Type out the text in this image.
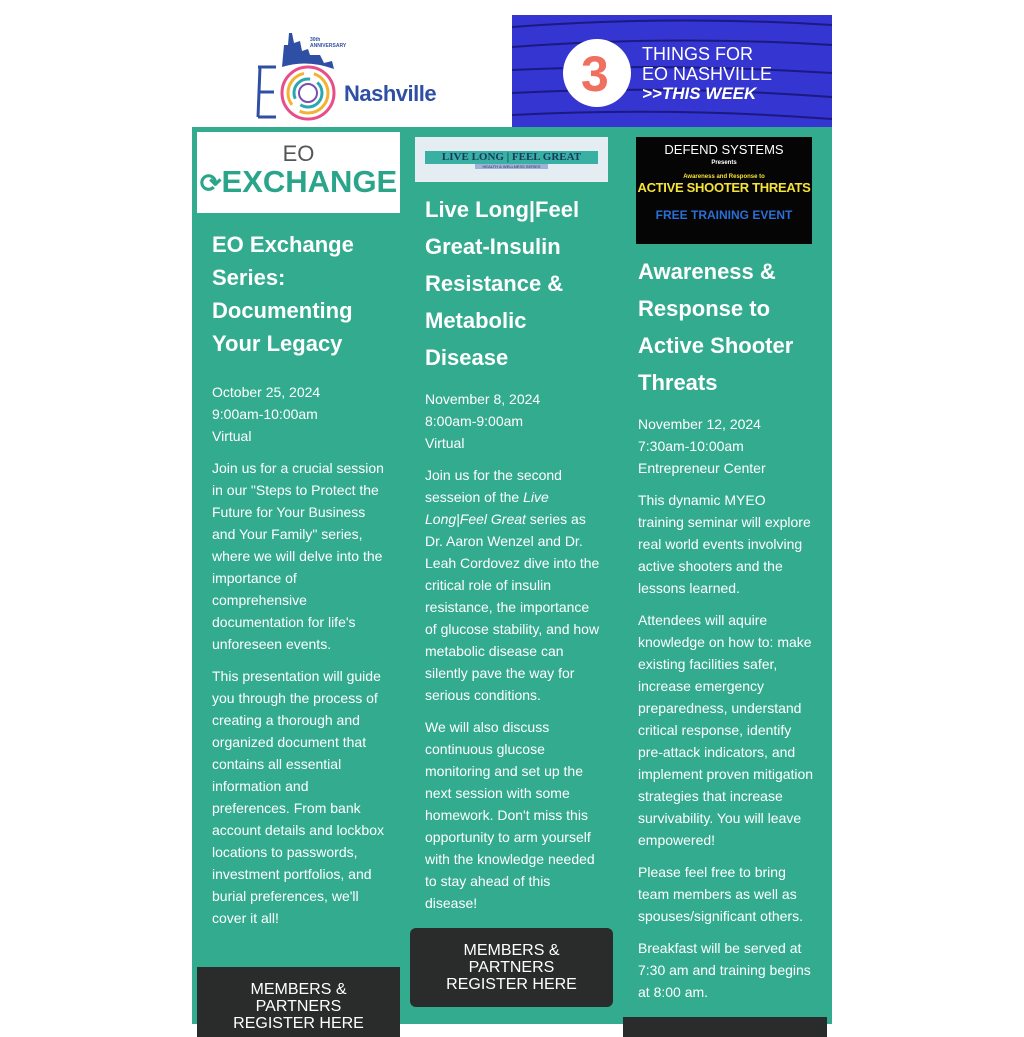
30th ANNIVERSARY
Nashville	3 THINGS FOR
EO NASHVILLE
>>THIS WEEK
EO
⟳EXCHANGE
EO Exchange Series: Documenting Your Legacy
October 25, 2024
9:00am-10:00am
Virtual

Join us for a crucial session in our "Steps to Protect the Future for Your Business and Your Family" series, where we will delve into the importance of comprehensive documentation for life's unforeseen events.

This presentation will guide you through the process of creating a thorough and organized document that contains all essential information and preferences. From bank account details and lockbox locations to passwords, investment portfolios, and burial preferences, we'll cover it all!

MEMBERS & PARTNERS REGISTER HERE
LIVE LONG | FEEL GREAT
HEALTH & WELLNESS SERIES
Live Long|Feel Great-Insulin Resistance & Metabolic Disease
November 8, 2024
8:00am-9:00am
Virtual

Join us for the second sesseion of the Live Long|Feel Great series as Dr. Aaron Wenzel and Dr. Leah Cordovez dive into the critical role of insulin resistance, the importance of glucose stability, and how metabolic disease can silently pave the way for serious conditions.

We will also discuss continuous glucose monitoring and set up the next session with some homework. Don't miss this opportunity to arm yourself with the knowledge needed to stay ahead of this disease!

MEMBERS & PARTNERS REGISTER HERE
DEFEND SYSTEMS
Presents
Awareness and Response to
ACTIVE SHOOTER THREATS
FREE TRAINING EVENT
Awareness & Response to Active Shooter Threats
November 12, 2024
7:30am-10:00am
Entrepreneur Center

This dynamic MYEO training seminar will explore real world events involving active shooters and the lessons learned.

Attendees will aquire knowledge on how to: make existing facilities safer, increase emergency preparedness, understand critical response, identify pre-attack indicators, and implement proven mitigation strategies that increase survivability. You will leave empowered!

Please feel free to bring team members as well as spouses/significant others.

Breakfast will be served at 7:30 am and training begins at 8:00 am.
